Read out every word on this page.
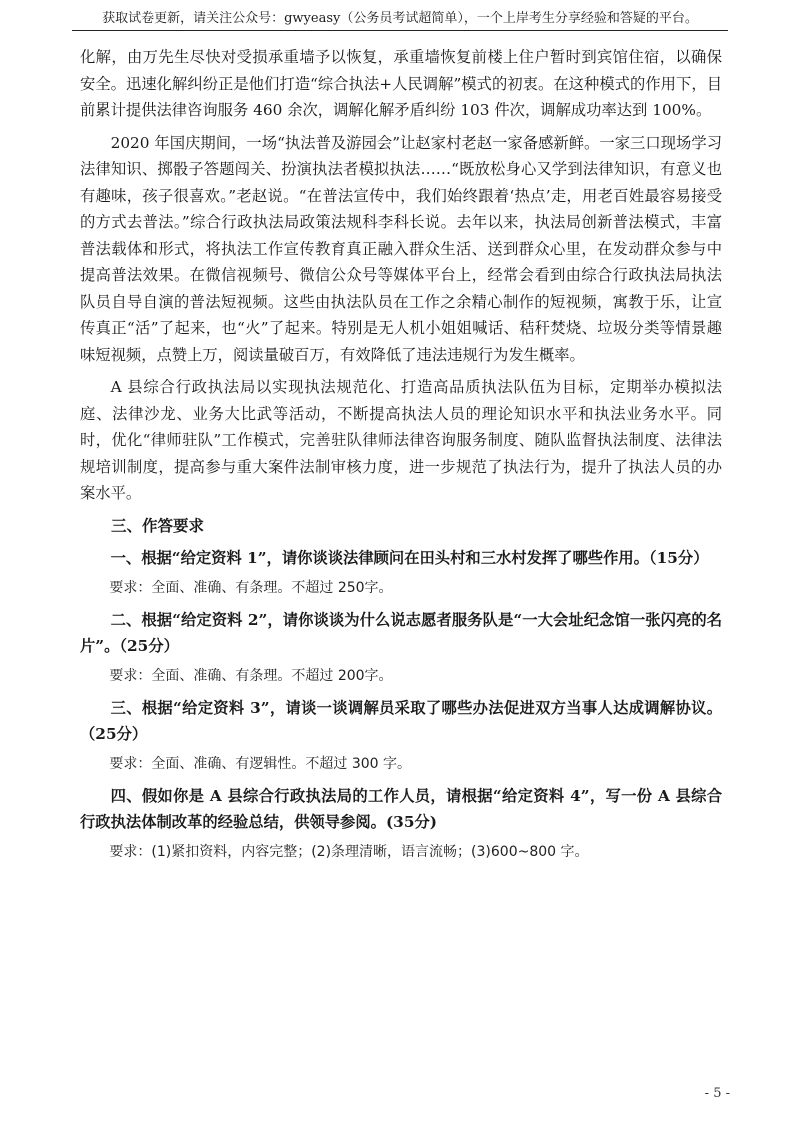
获取试卷更新，请关注公众号：gwyeasy（公务员考试超简单），一个上岸考生分享经验和答疑的平台。

化解，由万先生尽快对受损承重墙予以恢复，承重墙恢复前楼上住户暂时到宾馆住宿，以确保安全。迅速化解纠纷正是他们打造“综合执法+人民调解”模式的初衷。在这种模式的作用下，目前累计提供法律咨询服务 460 余次，调解化解矛盾纠纷 103 件次，调解成功率达到 100%。

2020 年国庆期间，一场“执法普及游园会”让赵家村老赵一家备感新鲜。一家三口现场学习法律知识、掷骰子答题闯关、扮演执法者模拟执法……“既放松身心又学到法律知识，有意义也有趣味，孩子很喜欢。”老赵说。“在普法宣传中，我们始终跟着‘热点’走，用老百姓最容易接受的方式去普法。”综合行政执法局政策法规科李科长说。去年以来，执法局创新普法模式，丰富普法载体和形式，将执法工作宣传教育真正融入群众生活、送到群众心里，在发动群众参与中提高普法效果。在微信视频号、微信公众号等媒体平台上，经常会看到由综合行政执法局执法队员自导自演的普法短视频。这些由执法队员在工作之余精心制作的短视频，寓教于乐，让宣传真正“活”了起来，也“火”了起来。特别是无人机小姐姐喊话、秸秆焚烧、垃圾分类等情景趣味短视频，点赞上万，阅读量破百万，有效降低了违法违规行为发生概率。

A 县综合行政执法局以实现执法规范化、打造高品质执法队伍为目标，定期举办模拟法庭、法律沙龙、业务大比武等活动，不断提高执法人员的理论知识水平和执法业务水平。同时，优化“律师驻队”工作模式，完善驻队律师法律咨询服务制度、随队监督执法制度、法律法规培训制度，提高参与重大案件法制审核力度，进一步规范了执法行为，提升了执法人员的办案水平。

三、作答要求

一、根据“给定资料 1”，请你谈谈法律顾问在田头村和三水村发挥了哪些作用。（15分）

要求：全面、准确、有条理。不超过 250字。

二、根据“给定资料 2”，请你谈谈为什么说志愿者服务队是“一大会址纪念馆一张闪亮的名片”。（25分）

要求：全面、准确、有条理。不超过 200字。

三、根据“给定资料 3”，请谈一谈调解员采取了哪些办法促进双方当事人达成调解协议。（25分）

要求：全面、准确、有逻辑性。不超过 300 字。

四、假如你是 A 县综合行政执法局的工作人员，请根据“给定资料 4”，写一份 A 县综合行政执法体制改革的经验总结，供领导参阅。(35分)

要求：(1)紧扣资料，内容完整；(2)条理清晰，语言流畅；(3)600~800 字。

- 5 -
